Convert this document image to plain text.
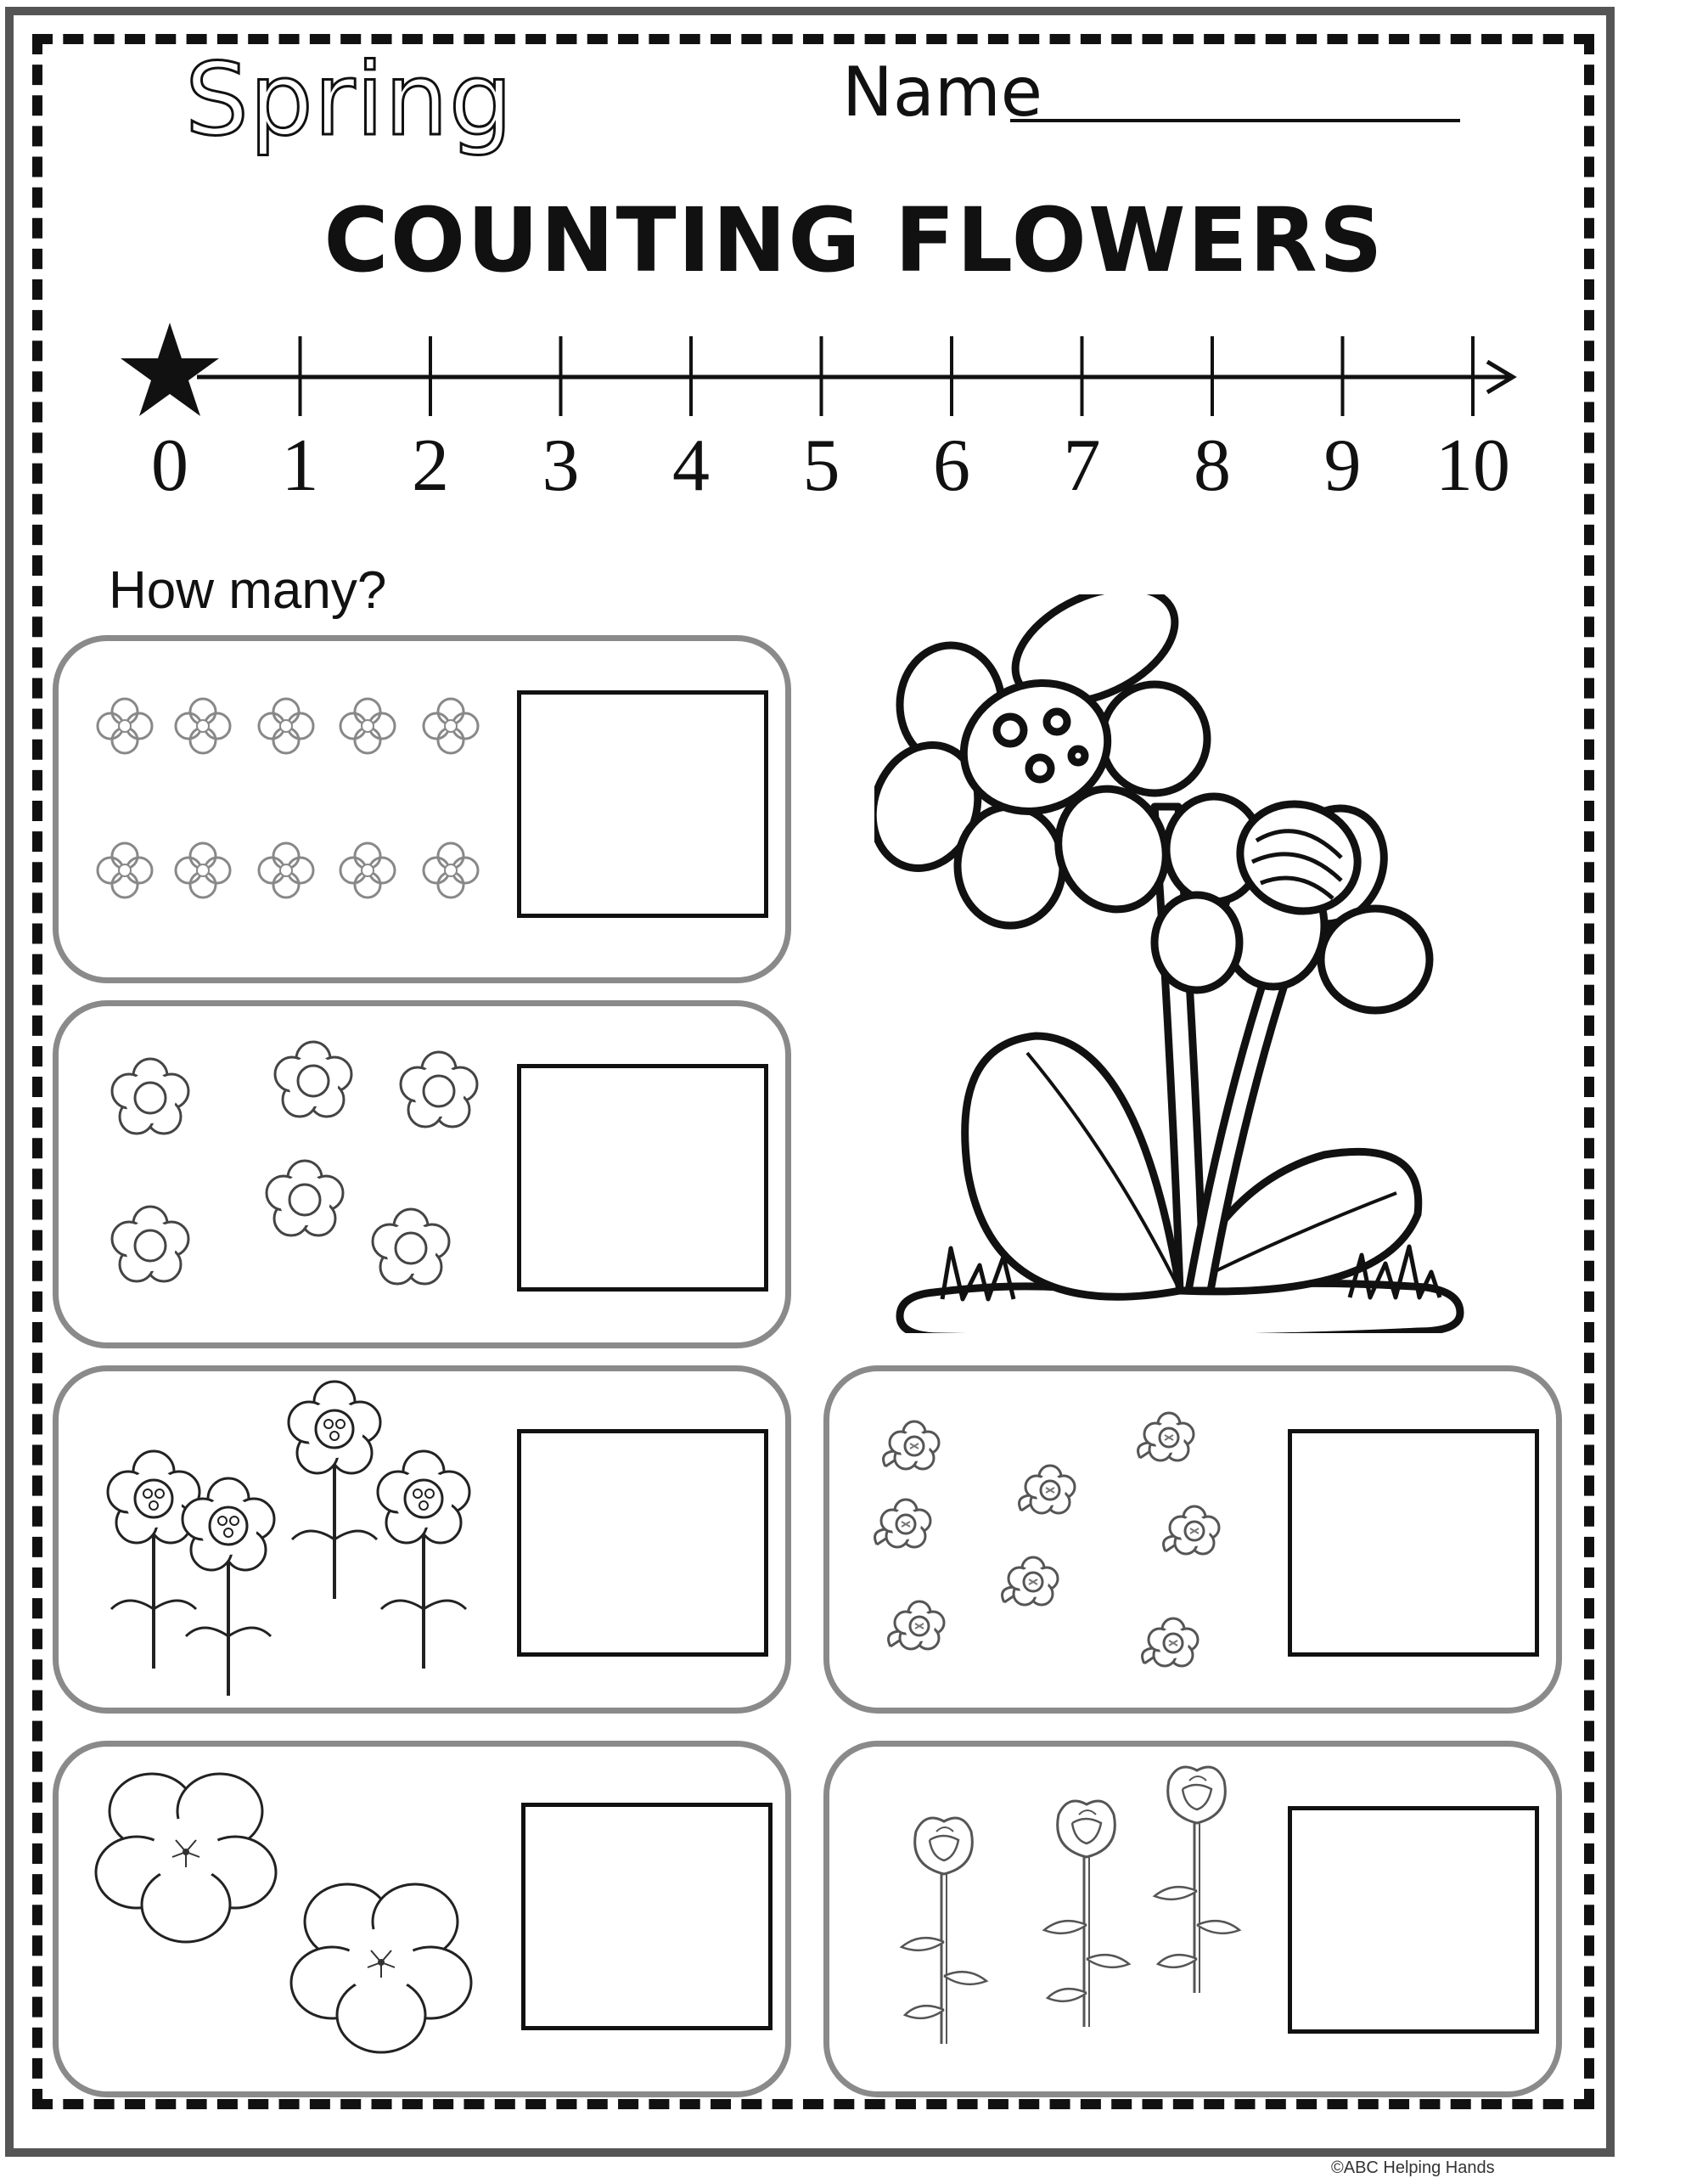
Spring	Name
COUNTING FLOWERS
0 1 2 3 4 5 6 7 8 9 10
How many?
©ABC Helping Hands
